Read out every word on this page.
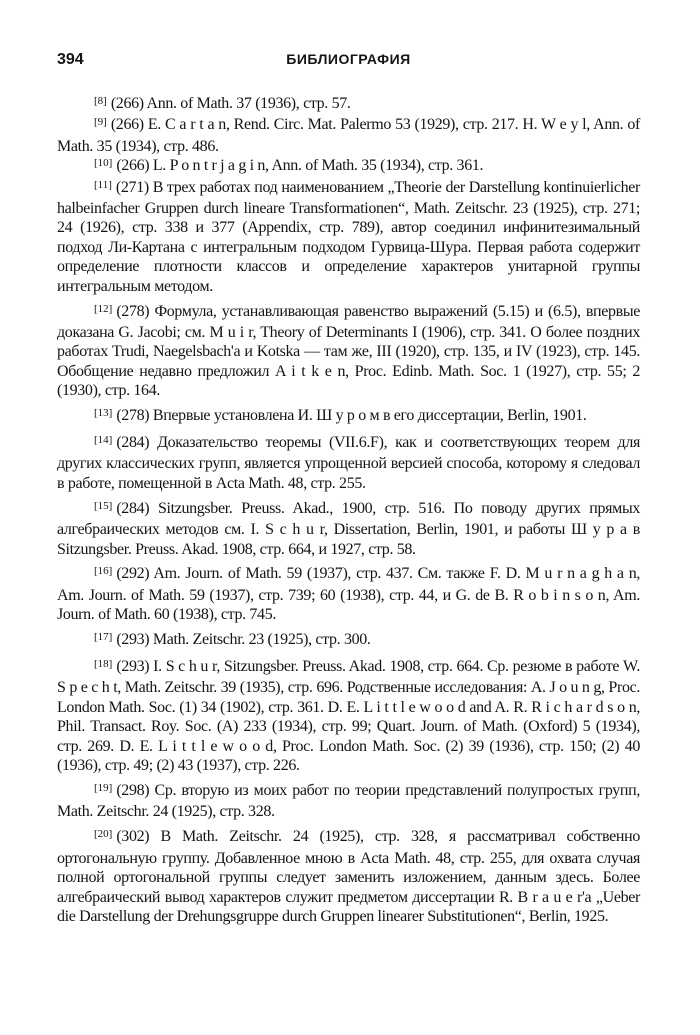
394	БИБЛИОГРАФИЯ

[8] (266) Ann. of Math. 37 (1936), стр. 57.

[9] (266) E. C a r t a n, Rend. Circ. Mat. Palermo 53 (1929), стр. 217. H. W e y l, Ann. of Math. 35 (1934), стр. 486.

[10] (266) L. P o n t r j a g i n, Ann. of Math. 35 (1934), стр. 361.

[11] (271) В трех работах под наименованием „Theorie der Darstellung kontinuierlicher halbeinfacher Gruppen durch lineare Transformationen“, Math. Zeitschr. 23 (1925), стр. 271; 24 (1926), стр. 338 и 377 (Appendix, стр. 789), автор соединил инфинитезимальный подход Ли-Картана с интегральным подходом Гурвица-Шура. Первая работа содержит определение плотности классов и определение характеров унитарной группы интегральным методом.

[12] (278) Формула, устанавливающая равенство выражений (5.15) и (6.5), впервые доказана G. Jacobi; см. M u i r, Theory of Determinants I (1906), стр. 341. О более поздних работах Trudi, Naegelsbach'a и Kotska — там же, III (1920), стр. 135, и IV (1923), стр. 145. Обобщение недавно предложил A i t k e n, Proc. Edinb. Math. Soc. 1 (1927), стр. 55; 2 (1930), стр. 164.

[13] (278) Впервые установлена И. Ш у р о м в его диссертации, Berlin, 1901.

[14] (284) Доказательство теоремы (VII.6.F), как и соответствующих теорем для других классических групп, является упрощенной версией способа, которому я следовал в работе, помещенной в Acta Math. 48, стр. 255.

[15] (284) Sitzungsber. Preuss. Akad., 1900, стр. 516. По поводу других прямых алгебраических методов см. I. S c h u r, Dissertation, Berlin, 1901, и работы Ш у р а в Sitzungsber. Preuss. Akad. 1908, стр. 664, и 1927, стр. 58.

[16] (292) Am. Journ. of Math. 59 (1937), стр. 437. См. также F. D. M u r n a g h a n, Am. Journ. of Math. 59 (1937), стр. 739; 60 (1938), стр. 44, и G. de B. R o b i n s o n, Am. Journ. of Math. 60 (1938), стр. 745.

[17] (293) Math. Zeitschr. 23 (1925), стр. 300.

[18] (293) I. S c h u r, Sitzungsber. Preuss. Akad. 1908, стр. 664. Ср. резюме в работе W. S p e c h t, Math. Zeitschr. 39 (1935), стр. 696. Родственные исследования: A. J o u n g, Proc. London Math. Soc. (1) 34 (1902), стр. 361. D. E. L i t t l e w o o d and A. R. R i c h a r d s o n, Phil. Transact. Roy. Soc. (A) 233 (1934), стр. 99; Quart. Journ. of Math. (Oxford) 5 (1934), стр. 269. D. E. L i t t l e w o o d, Proc. London Math. Soc. (2) 39 (1936), стр. 150; (2) 40 (1936), стр. 49; (2) 43 (1937), стр. 226.

[19] (298) Ср. вторую из моих работ по теории представлений полупростых групп, Math. Zeitschr. 24 (1925), стр. 328.

[20] (302) В Math. Zeitschr. 24 (1925), стр. 328, я рассматривал собственно ортогональную группу. Добавленное мною в Acta Math. 48, стр. 255, для охвата случая полной ортогональной группы следует заменить изложением, данным здесь. Более алгебраический вывод характеров служит предметом диссертации R. B r a u e r'a „Ueber die Darstellung der Drehungsgruppe durch Gruppen linearer Substitutionen“, Berlin, 1925.
